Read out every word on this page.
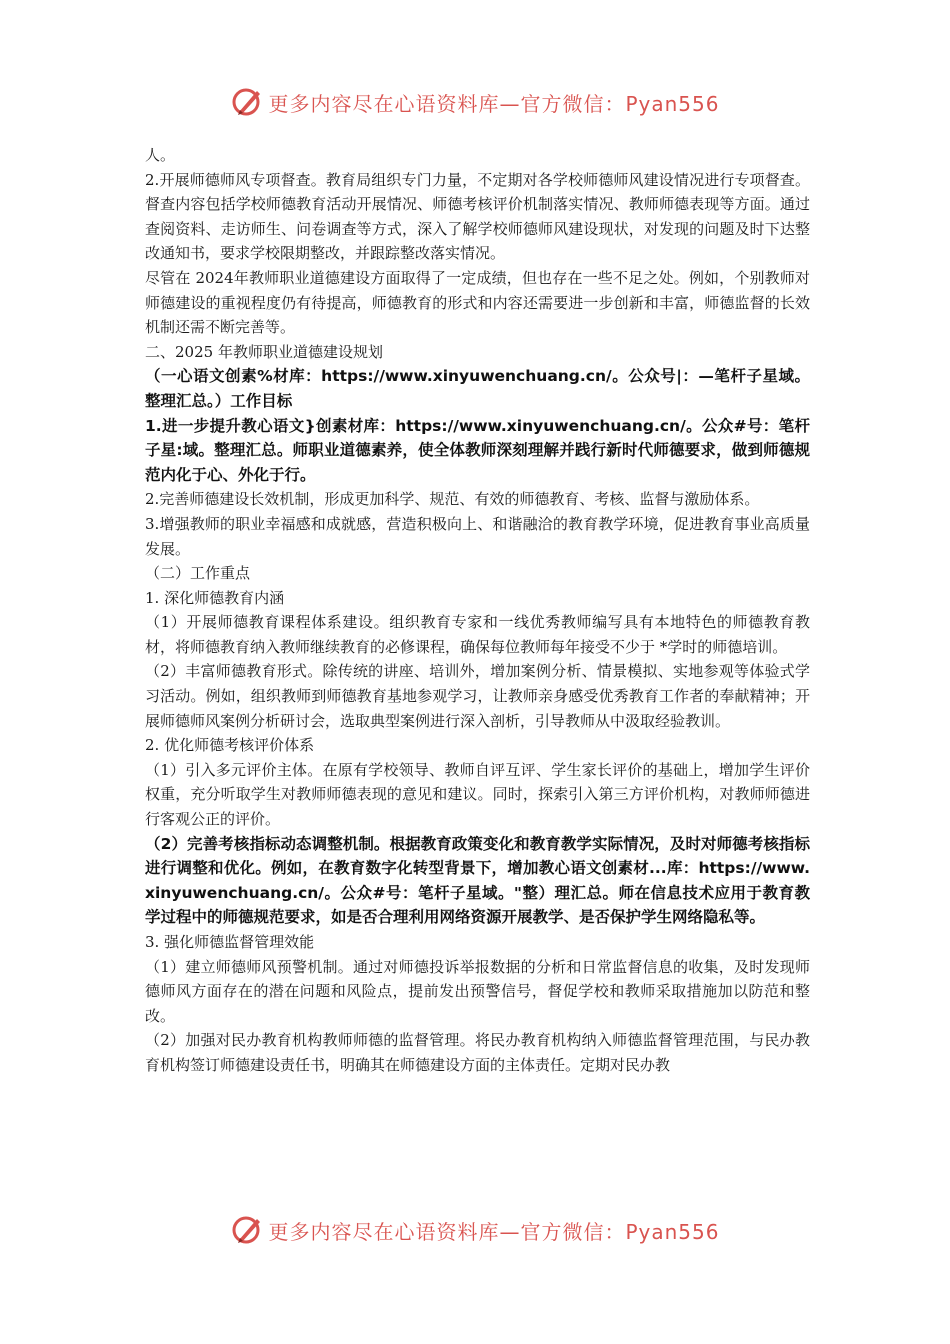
更多内容尽在心语资料库—官方微信：Pyan556

人。

2.开展师德师风专项督查。教育局组织专门力量，不定期对各学校师德师风建设情况进行专项督查。督查内容包括学校师德教育活动开展情况、师德考核评价机制落实情况、教师师德表现等方面。通过查阅资料、走访师生、问卷调查等方式，深入了解学校师德师风建设现状，对发现的问题及时下达整改通知书，要求学校限期整改，并跟踪整改落实情况。

尽管在 2024年教师职业道德建设方面取得了一定成绩，但也存在一些不足之处。例如，个别教师对师德建设的重视程度仍有待提高，师德教育的形式和内容还需要进一步创新和丰富，师德监督的长效机制还需不断完善等。

二、2025 年教师职业道德建设规划

（一心语文创素%材库：https://www.xinyuwenchuang.cn/。公众号|：—笔杆子星域。整理汇总。）工作目标

1.进一步提升教心语文}创素材库：https://www.xinyuwenchuang.cn/。公众#号：笔杆子星:域。整理汇总。师职业道德素养，使全体教师深刻理解并践行新时代师德要求，做到师德规范内化于心、外化于行。

2.完善师德建设长效机制，形成更加科学、规范、有效的师德教育、考核、监督与激励体系。

3.增强教师的职业幸福感和成就感，营造积极向上、和谐融洽的教育教学环境，促进教育事业高质量发展。

（二）工作重点

1. 深化师德教育内涵

（1）开展师德教育课程体系建设。组织教育专家和一线优秀教师编写具有本地特色的师德教育教材，将师德教育纳入教师继续教育的必修课程，确保每位教师每年接受不少于 *学时的师德培训。

（2）丰富师德教育形式。除传统的讲座、培训外，增加案例分析、情景模拟、实地参观等体验式学习活动。例如，组织教师到师德教育基地参观学习，让教师亲身感受优秀教育工作者的奉献精神；开展师德师风案例分析研讨会，选取典型案例进行深入剖析，引导教师从中汲取经验教训。

2. 优化师德考核评价体系

（1）引入多元评价主体。在原有学校领导、教师自评互评、学生家长评价的基础上，增加学生评价权重，充分听取学生对教师师德表现的意见和建议。同时，探索引入第三方评价机构，对教师师德进行客观公正的评价。

（2）完善考核指标动态调整机制。根据教育政策变化和教育教学实际情况，及时对师德考核指标进行调整和优化。例如，在教育数字化转型背景下，增加教心语文创素材...库：https://www.xinyuwenchuang.cn/。公众#号：笔杆子星域。"整）理汇总。师在信息技术应用于教育教学过程中的师德规范要求，如是否合理利用网络资源开展教学、是否保护学生网络隐私等。

3. 强化师德监督管理效能

（1）建立师德师风预警机制。通过对师德投诉举报数据的分析和日常监督信息的收集，及时发现师德师风方面存在的潜在问题和风险点，提前发出预警信号，督促学校和教师采取措施加以防范和整改。

（2）加强对民办教育机构教师师德的监督管理。将民办教育机构纳入师德监督管理范围，与民办教育机构签订师德建设责任书，明确其在师德建设方面的主体责任。定期对民办教

更多内容尽在心语资料库—官方微信：Pyan556
